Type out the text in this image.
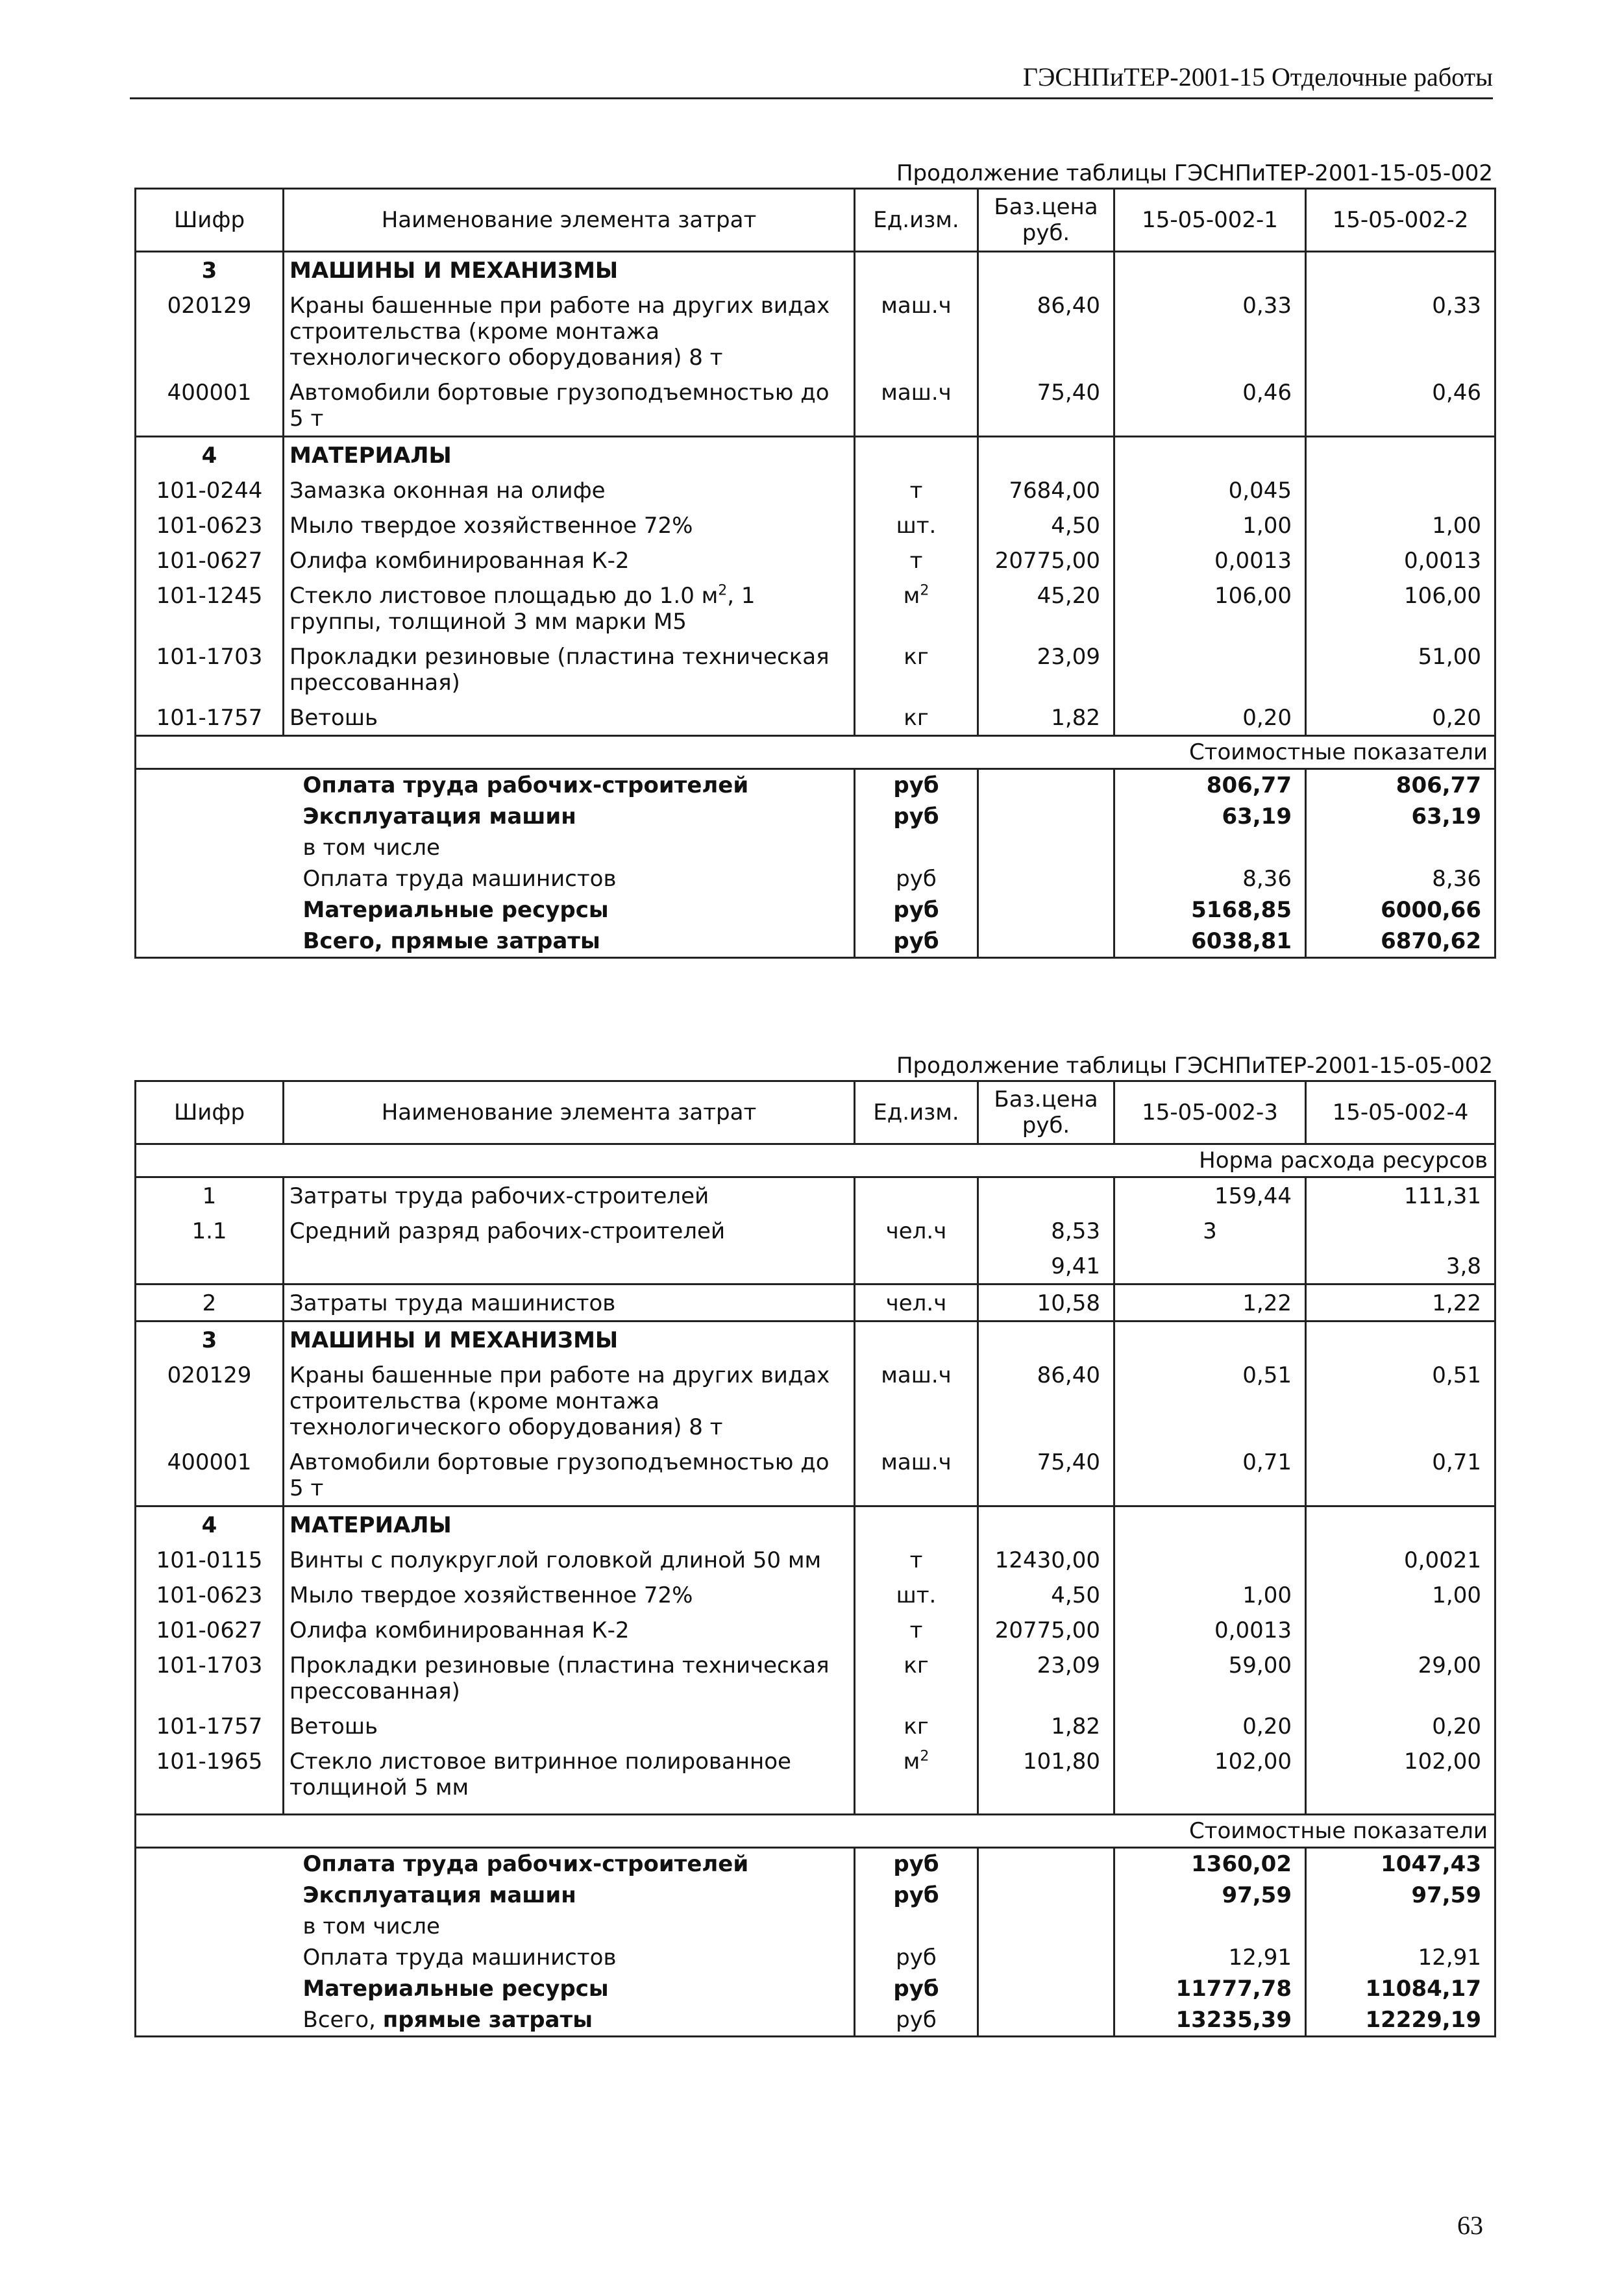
ГЭСНПиТЕР-2001-15 Отделочные работы
Продолжение таблицы ГЭСНПиТЕР-2001-15-05-002
Шифр	Наименование элемента затрат	Ед.изм.	Баз.цена руб.	15-05-002-1	15-05-002-2
3	МАШИНЫ И МЕХАНИЗМЫ				
020129	Краны башенные при работе на других видах строительства (кроме монтажа технологического оборудования) 8 т	маш.ч	86,40	0,33	0,33
400001	Автомобили бортовые грузоподъемностью до 5 т	маш.ч	75,40	0,46	0,46
4	МАТЕРИАЛЫ				
101-0244	Замазка оконная на олифе	т	7684,00	0,045	
101-0623	Мыло твердое хозяйственное 72%	шт.	4,50	1,00	1,00
101-0627	Олифа комбинированная К-2	т	20775,00	0,0013	0,0013
101-1245	Стекло листовое площадью до 1.0 $м^2$, 1 группы, толщиной 3 мм марки М5	$м^2$	45,20	106,00	106,00
101-1703	Прокладки резиновые (пластина техническая прессованная)	кг	23,09		51,00
101-1757	Ветошь	кг	1,82	0,20	0,20
Стоимостные показатели					
	Оплата труда рабочих-строителей	руб		806,77	806,77
	Эксплуатация машин	руб		63,19	63,19
	в том числе				
	Оплата труда машинистов	руб		8,36	8,36
	Материальные ресурсы	руб		5168,85	6000,66
	Всего, прямые затраты	руб		6038,81	6870,62
Продолжение таблицы ГЭСНПиТЕР-2001-15-05-002
Шифр	Наименование элемента затрат	Ед.изм.	Баз.цена руб.	15-05-002-3	15-05-002-4
Норма расхода ресурсов					
1	Затраты труда рабочих-строителей			159,44	111,31
1.1	Средний разряд рабочих-строителей	чел.ч	8,53	3	
			9,41		3,8
2	Затраты труда машинистов	чел.ч	10,58	1,22	1,22
3	МАШИНЫ И МЕХАНИЗМЫ				
020129	Краны башенные при работе на других видах строительства (кроме монтажа технологического оборудования) 8 т	маш.ч	86,40	0,51	0,51
400001	Автомобили бортовые грузоподъемностью до 5 т	маш.ч	75,40	0,71	0,71
4	МАТЕРИАЛЫ				
101-0115	Винты с полукруглой головкой длиной 50 мм	т	12430,00		0,0021
101-0623	Мыло твердое хозяйственное 72%	шт.	4,50	1,00	1,00
101-0627	Олифа комбинированная К-2	т	20775,00	0,0013	
101-1703	Прокладки резиновые (пластина техническая прессованная)	кг	23,09	59,00	29,00
101-1757	Ветошь	кг	1,82	0,20	0,20
101-1965	Стекло листовое витринное полированное толщиной 5 мм	$м^2$	101,80	102,00	102,00

Стоимостные показатели					
	Оплата труда рабочих-строителей	руб		1360,02	1047,43
	Эксплуатация машин	руб		97,59	97,59
	в том числе				
	Оплата труда машинистов	руб		12,91	12,91
	Материальные ресурсы	руб		11777,78	11084,17
	Всего, прямые затраты	руб		13235,39	12229,19
63
